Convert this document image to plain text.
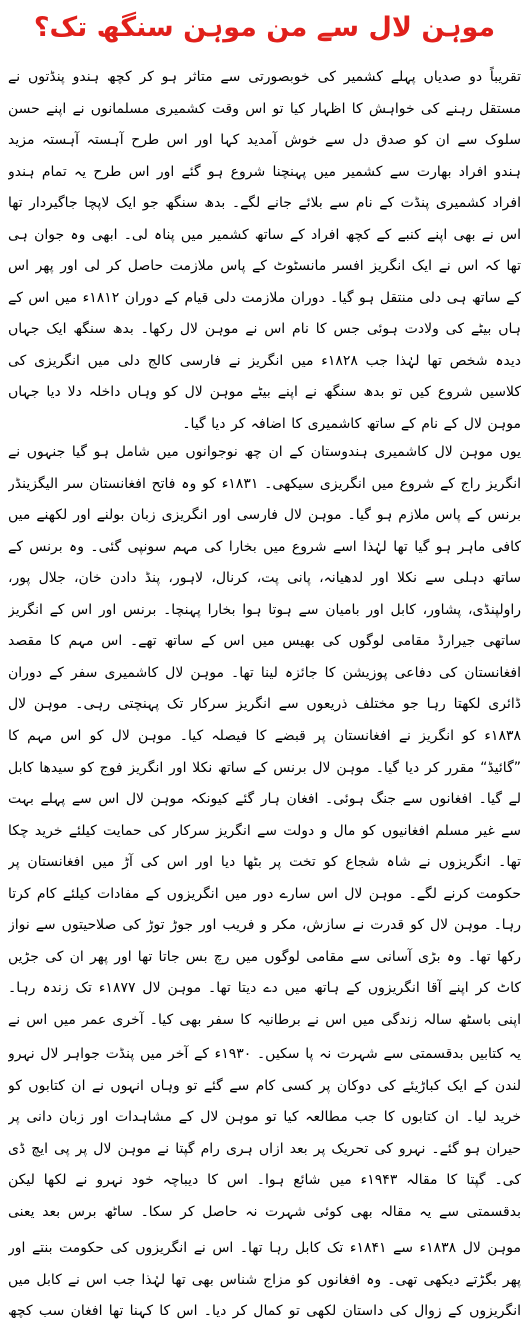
موہن لال سے من موہن سنگھ تک؟

تقریباً دو صدیاں پہلے کشمیر کی خوبصورتی سے متاثر ہو کر کچھ ہندو پنڈتوں نے مستقل رہنے کی خواہش کا اظہار کیا تو اس وقت کشمیری مسلمانوں نے اپنے حسن سلوک سے ان کو صدق دل سے خوش آمدید کہا اور اس طرح آہستہ آہستہ مزید ہندو افراد بھارت سے کشمیر میں پہنچنا شروع ہو گئے اور اس طرح یہ تمام ہندو افراد کشمیری پنڈت کے نام سے بلائے جانے لگے۔ بدھ سنگھ جو ایک لاپچا جاگیردار تھا اس نے بھی اپنے کنبے کے کچھ افراد کے ساتھ کشمیر میں پناہ لی۔ ابھی وہ جوان ہی تھا کہ اس نے ایک انگریز افسر مانسٹوٹ کے پاس ملازمت حاصل کر لی اور پھر اس کے ساتھ ہی دلی منتقل ہو گیا۔ دوران ملازمت دلی قیام کے دوران ۱۸۱۲ء میں اس کے ہاں بیٹے کی ولادت ہوئی جس کا نام اس نے موہن لال رکھا۔ بدھ سنگھ ایک جہاں دیدہ شخص تھا لہٰذا جب ۱۸۲۸ء میں انگریز نے فارسی کالج دلی میں انگریزی کی کلاسیں شروع کیں تو بدھ سنگھ نے اپنے بیٹے موہن لال کو وہاں داخلہ دلا دیا جہاں موہن لال کے نام کے ساتھ کاشمیری کا اضافہ کر دیا گیا۔

یوں موہن لال کاشمیری ہندوستان کے ان چھ نوجوانوں میں شامل ہو گیا جنہوں نے انگریز راج کے شروع میں انگریزی سیکھی۔ ۱۸۳۱ء کو وہ فاتح افغانستان سر الیگزینڈر برنس کے پاس ملازم ہو گیا۔ موہن لال فارسی اور انگریزی زبان بولنے اور لکھنے میں کافی ماہر ہو گیا تھا لہٰذا اسے شروع میں بخارا کی مہم سونپی گئی۔ وہ برنس کے ساتھ دہلی سے نکلا اور لدھیانہ، پانی پت، کرنال، لاہور، پنڈ دادن خان، جلال پور، راولپنڈی، پشاور، کابل اور بامیان سے ہوتا ہوا بخارا پہنچا۔ برنس اور اس کے انگریز ساتھی جیرارڈ مقامی لوگوں کی بھیس میں اس کے ساتھ تھے۔ اس مہم کا مقصد افغانستان کی دفاعی پوزیشن کا جائزہ لینا تھا۔ موہن لال کاشمیری سفر کے دوران ڈائری لکھتا رہا جو مختلف ذریعوں سے انگریز سرکار تک پہنچتی رہی۔ موہن لال

۱۸۳۸ء کو انگریز نے افغانستان پر قبضے کا فیصلہ کیا۔ موہن لال کو اس مہم کا ”گائیڈ“ مقرر کر دیا گیا۔ موہن لال برنس کے ساتھ نکلا اور انگریز فوج کو سیدھا کابل لے گیا۔ افغانوں سے جنگ ہوئی۔ افغان ہار گئے کیونکہ موہن لال اس سے پہلے بہت سے غیر مسلم افغانیوں کو مال و دولت سے انگریز سرکار کی حمایت کیلئے خرید چکا تھا۔ انگریزوں نے شاہ شجاع کو تخت پر بٹھا دیا اور اس کی آڑ میں افغانستان پر حکومت کرنے لگے۔ موہن لال اس سارے دور میں انگریزوں کے مفادات کیلئے کام کرتا رہا۔ موہن لال کو قدرت نے سازش، مکر و فریب اور جوڑ توڑ کی صلاحیتوں سے نواز رکھا تھا۔ وہ بڑی آسانی سے مقامی لوگوں میں رچ بس جاتا تھا اور پھر ان کی جڑیں کاٹ کر اپنے آقا انگریزوں کے ہاتھ میں دے دیتا تھا۔ موہن لال ۱۸۷۷ء تک زندہ رہا۔ اپنی باسٹھ سالہ زندگی میں اس نے برطانیہ کا سفر بھی کیا۔ آخری عمر میں اس نے

یہ کتابیں بدقسمتی سے شہرت نہ پا سکیں۔ ۱۹۳۰ء کے آخر میں پنڈت جواہر لال نہرو لندن کے ایک کباڑیئے کی دوکان پر کسی کام سے گئے تو وہاں انہوں نے ان کتابوں کو خرید لیا۔ ان کتابوں کا جب مطالعہ کیا تو موہن لال کے مشاہدات اور زبان دانی پر حیران ہو گئے۔ نہرو کی تحریک پر بعد ازاں ہری رام گپتا نے موہن لال پر پی ایچ ڈی کی۔ گپتا کا مقالہ ۱۹۴۳ء میں شائع ہوا۔ اس کا دیباچہ خود نہرو نے لکھا لیکن بدقسمتی سے یہ مقالہ بھی کوئی شہرت نہ حاصل کر سکا۔ ساٹھ برس بعد یعنی

موہن لال ۱۸۳۸ء سے ۱۸۴۱ء تک کابل رہا تھا۔ اس نے انگریزوں کی حکومت بنتے اور پھر بگڑتے دیکھی تھی۔ وہ افغانوں کو مزاج شناس بھی تھا لہٰذا جب اس نے کابل میں انگریزوں کے زوال کی داستان لکھی تو کمال کر دیا۔ اس کا کہنا تھا افغان سب کچھ
